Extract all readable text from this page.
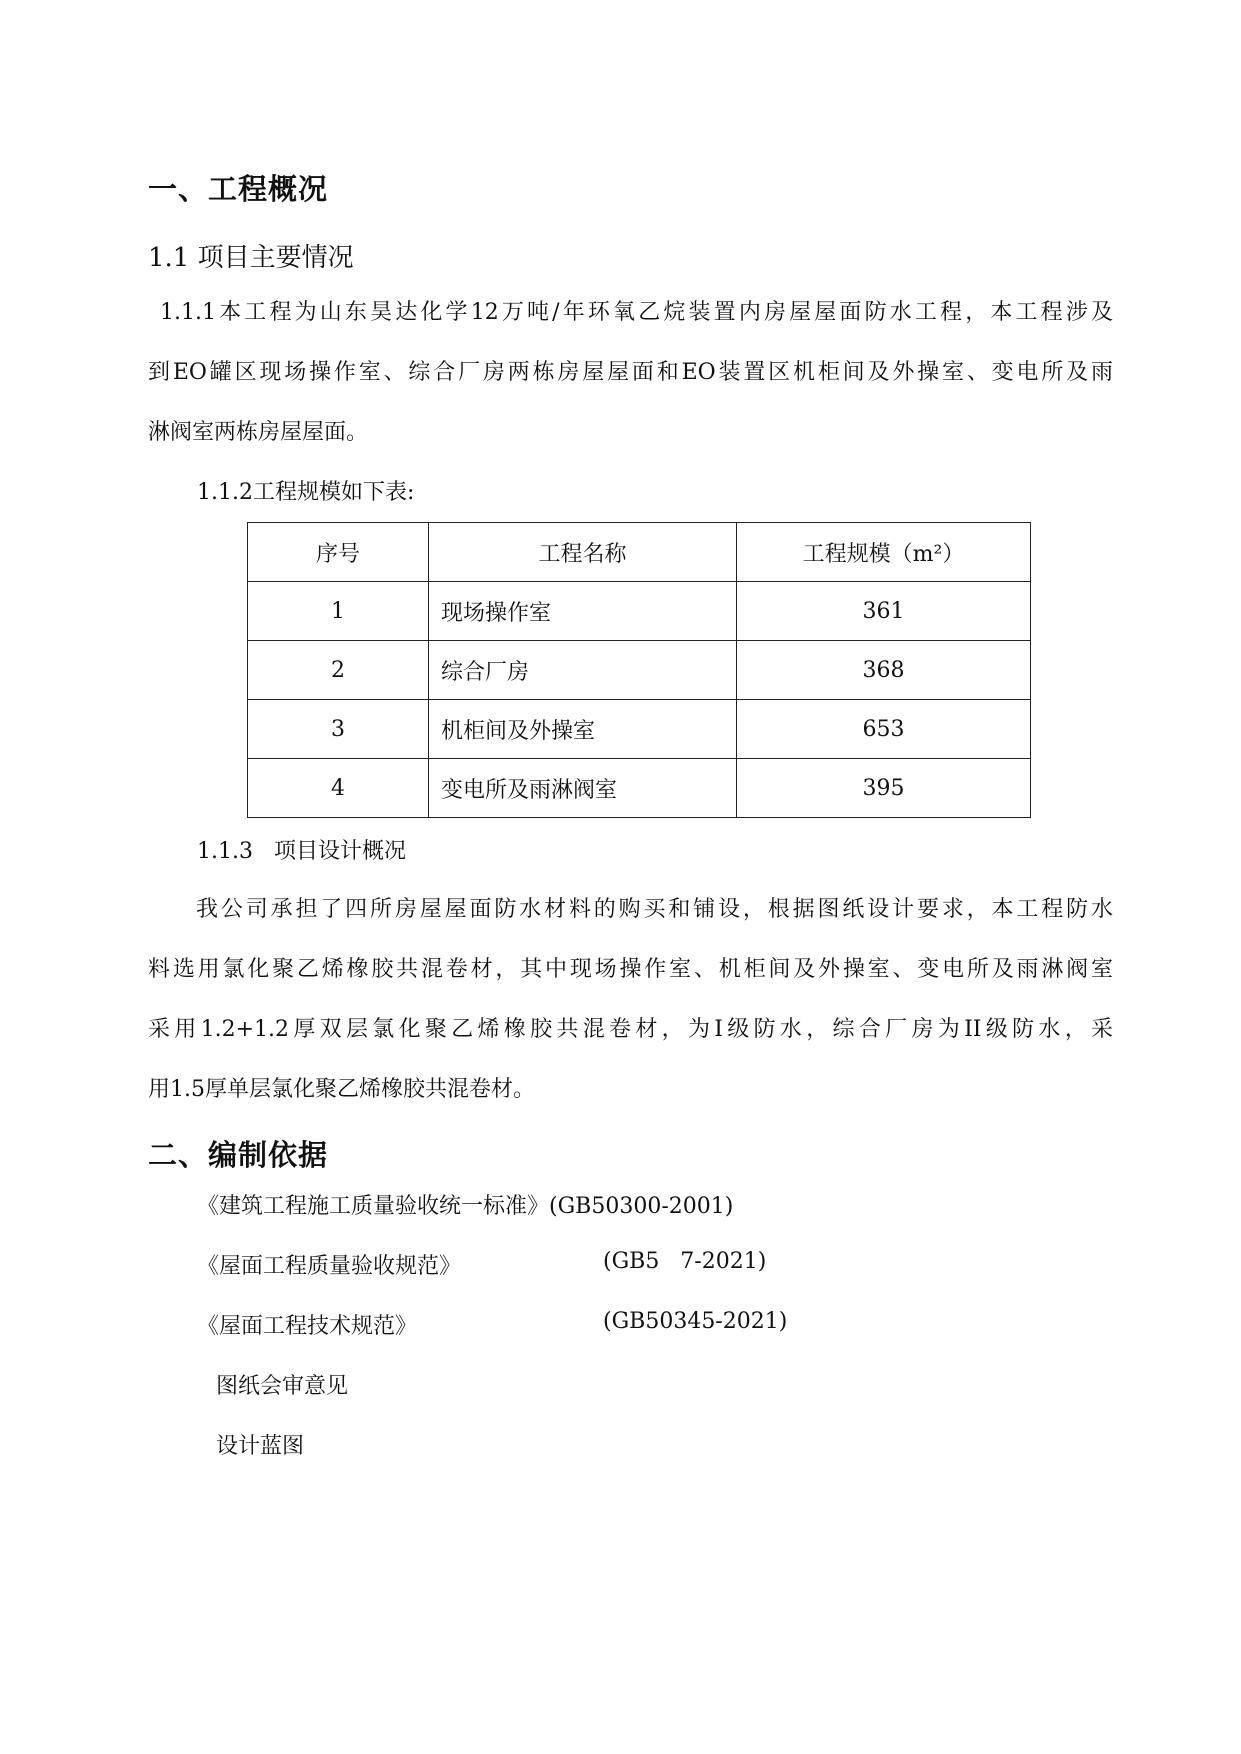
一、工程概况
1.1 项目主要情况
1.1.1本工程为山东昊达化学12万吨/年环氧乙烷装置内房屋屋面防水工程，本工程涉及
到EO罐区现场操作室、综合厂房两栋房屋屋面和EO装置区机柜间及外操室、变电所及雨
淋阀室两栋房屋屋面。
1.1.2工程规模如下表:
序号	工程名称	工程规模（m²）
1	现场操作室	361
2	综合厂房	368
3	机柜间及外操室	653
4	变电所及雨淋阀室	395
1.1.3   项目设计概况
我公司承担了四所房屋屋面防水材料的购买和铺设，根据图纸设计要求，本工程防水
料选用氯化聚乙烯橡胶共混卷材，其中现场操作室、机柜间及外操室、变电所及雨淋阀室
采用1.2+1.2厚双层氯化聚乙烯橡胶共混卷材，为I级防水，综合厂房为II级防水，采
用1.5厚单层氯化聚乙烯橡胶共混卷材。
二、编制依据
《建筑工程施工质量验收统一标准》(GB50300-2001)
《屋面工程质量验收规范》	(GB5   7-2021)
《屋面工程技术规范》	(GB50345-2021)
图纸会审意见
设计蓝图
